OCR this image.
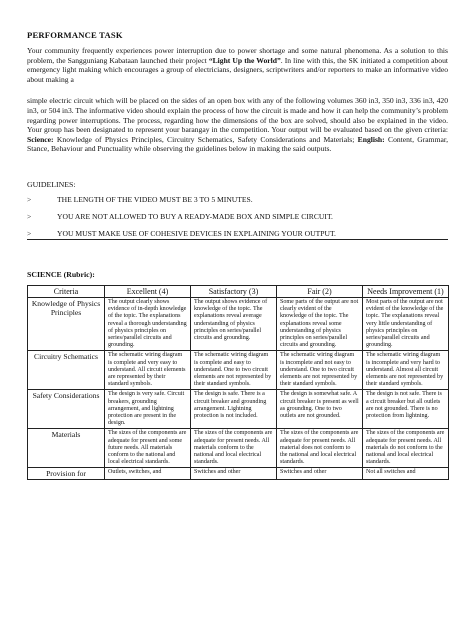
PERFORMANCE TASK

Your community frequently experiences power interruption due to power shortage and some natural phenomena. As a solution to this problem, the Sangguniang Kabataan launched their project “Light Up the World”. In line with this, the SK initiated a competition about emergency light making which encourages a group of electricians, designers, scriptwriters and/or reporters to make an informative video about making a

simple electric circuit which will be placed on the sides of an open box with any of the following volumes 360 in3, 350 in3, 336 in3, 420 in3, or 504 in3. The informative video should explain the process of how the circuit is made and how it can help the community’s problem regarding power interruptions. The process, regarding how the dimensions of the box are solved, should also be explained in the video. Your group has been designated to represent your barangay in the competition. Your output will be evaluated based on the given criteria: Science: Knowledge of Physics Principles, Circuitry Schematics, Safety Considerations and Materials; English: Content, Grammar, Stance, Behaviour and Punctuality while observing the guidelines below in making the said outputs.

GUIDELINES:
>	THE LENGTH OF THE VIDEO MUST BE 3 TO 5 MINUTES.
>	YOU ARE NOT ALLOWED TO BUY A READY-MADE BOX AND SIMPLE CIRCUIT.
>	YOU MUST MAKE USE OF COHESIVE DEVICES IN EXPLAINING YOUR OUTPUT.
SCIENCE (Rubric):
Criteria	Excellent (4)	Satisfactory (3)	Fair (2)	Needs Improvement (1)
Knowledge of Physics Principles	The output clearly shows evidence of in-depth knowledge of the topic. The explanations reveal a thorough understanding of physics principles on series/parallel circuits and grounding.	The output shows evidence of knowledge of the topic. The explanations reveal average understanding of physics principles on series/parallel circuits and grounding.	Some parts of the output are not clearly evident of the knowledge of the topic. The explanations reveal some understanding of physics principles on series/parallel circuits and grounding.	Most parts of the output are not evident of the knowledge of the topic. The explanations reveal very little understanding of physics principles on series/parallel circuits and grounding.
Circuitry Schematics	The schematic wiring diagram is complete and very easy to understand. All circuit elements are represented by their standard symbols.	The schematic wiring diagram is complete and easy to understand. One to two circuit elements are not represented by their standard symbols.	The schematic wiring diagram is incomplete and not easy to understand. One to two circuit elements are not represented by their standard symbols.	The schematic wiring diagram is incomplete and very hard to understand. Almost all circuit elements are not represented by their standard symbols.
Safety Considerations	The design is very safe. Circuit breakers, grounding arrangement, and lightning protection are present in the design.	The design is safe. There is a circuit breaker and grounding arrangement. Lightning protection is not included.	The design is somewhat safe. A circuit breaker is present as well as grounding. One to two outlets are not grounded.	The design is not safe. There is a circuit breaker but all outlets are not grounded. There is no protection from lightning.
Materials	The sizes of the components are adequate for present and some future needs. All materials conform to the national and local electrical standards.	The sizes of the components are adequate for present needs. All materials conform to the national and local electrical standards.	The sizes of the components are adequate for present needs. All material does not conform to the national and local electrical standards.	The sizes of the components are adequate for present needs. All materials do not conform to the national and local electrical standards.
Provision for	Outlets, switches, and	Switches and other	Switches and other	Not all switches and
